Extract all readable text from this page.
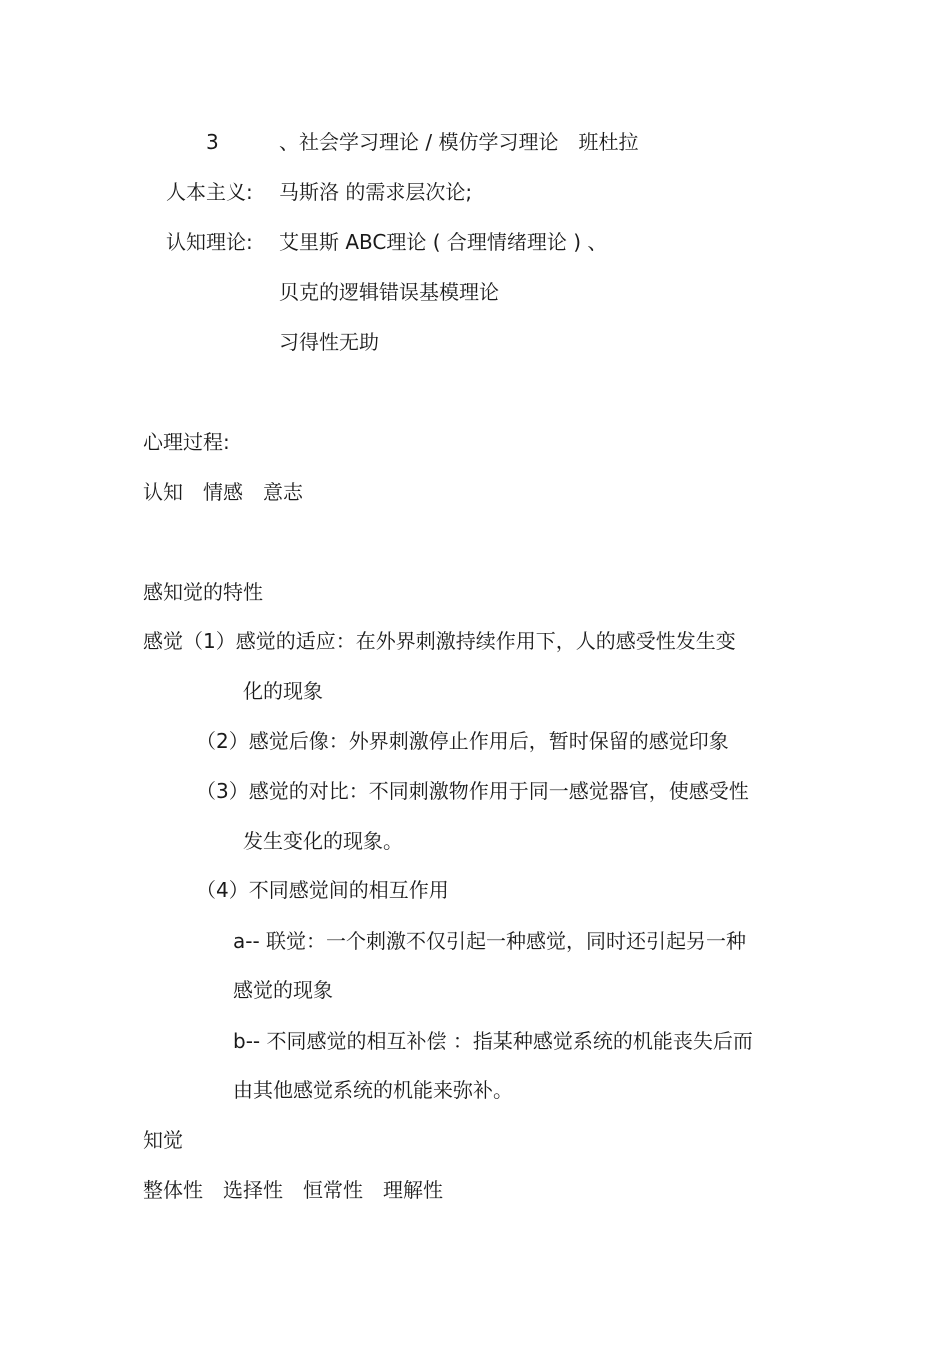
3	、社会学习理论 / 模仿学习理论　班杜拉
人本主义: 马斯洛 的需求层次论;
认知理论: 艾里斯 ABC理论 ( 合理情绪理论 ) 、
贝克的逻辑错误基模理论
习得性无助
心理过程:
认知　情感　意志
感知觉的特性
感觉（1）感觉的适应：在外界刺激持续作用下，人的感受性发生变
化的现象
（2）感觉后像：外界刺激停止作用后，暂时保留的感觉印象
（3）感觉的对比：不同刺激物作用于同一感觉器官，使感受性
发生变化的现象。
（4）不同感觉间的相互作用
a-- 联觉：一个刺激不仅引起一种感觉，同时还引起另一种
感觉的现象
b-- 不同感觉的相互补偿 ：指某种感觉系统的机能丧失后而
由其他感觉系统的机能来弥补。
知觉
整体性　选择性　恒常性　理解性
